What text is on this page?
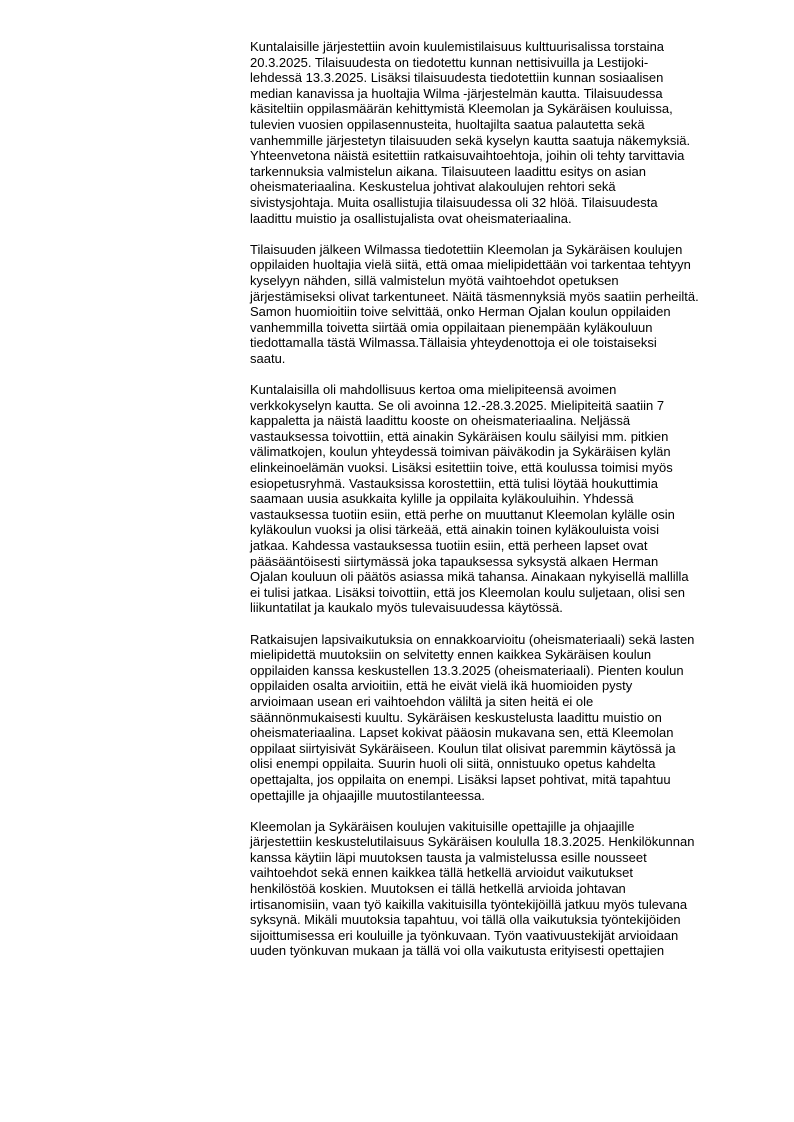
Kuntalaisille järjestettiin avoin kuulemistilaisuus kulttuurisalissa torstaina
20.3.2025. Tilaisuudesta on tiedotettu kunnan nettisivuilla ja Lestijoki-
lehdessä 13.3.2025. Lisäksi tilaisuudesta tiedotettiin kunnan sosiaalisen
median kanavissa ja huoltajia Wilma -järjestelmän kautta. Tilaisuudessa
käsiteltiin oppilasmäärän kehittymistä Kleemolan ja Sykäräisen kouluissa,
tulevien vuosien oppilasennusteita, huoltajilta saatua palautetta sekä
vanhemmille järjestetyn tilaisuuden sekä kyselyn kautta saatuja näkemyksiä.
Yhteenvetona näistä esitettiin ratkaisuvaihtoehtoja, joihin oli tehty tarvittavia
tarkennuksia valmistelun aikana. Tilaisuuteen laadittu esitys on asian
oheismateriaalina. Keskustelua johtivat alakoulujen rehtori sekä
sivistysjohtaja. Muita osallistujia tilaisuudessa oli 32 hlöä. Tilaisuudesta
laadittu muistio ja osallistujalista ovat oheismateriaalina.
Tilaisuuden jälkeen Wilmassa tiedotettiin Kleemolan ja Sykäräisen koulujen
oppilaiden huoltajia vielä siitä, että omaa mielipidettään voi tarkentaa tehtyyn
kyselyyn nähden, sillä valmistelun myötä vaihtoehdot opetuksen
järjestämiseksi olivat tarkentuneet. Näitä täsmennyksiä myös saatiin perheiltä.
Samon huomioitiin toive selvittää, onko Herman Ojalan koulun oppilaiden
vanhemmilla toivetta siirtää omia oppilaitaan pienempään kyläkouluun
tiedottamalla tästä Wilmassa.Tällaisia yhteydenottoja ei ole toistaiseksi
saatu.
Kuntalaisilla oli mahdollisuus kertoa oma mielipiteensä avoimen
verkkokyselyn kautta. Se oli avoinna 12.-28.3.2025. Mielipiteitä saatiin 7
kappaletta ja näistä laadittu kooste on oheismateriaalina. Neljässä
vastauksessa toivottiin, että ainakin Sykäräisen koulu säilyisi mm. pitkien
välimatkojen, koulun yhteydessä toimivan päiväkodin ja Sykäräisen kylän
elinkeinoelämän vuoksi. Lisäksi esitettiin toive, että koulussa toimisi myös
esiopetusryhmä. Vastauksissa korostettiin, että tulisi löytää houkuttimia
saamaan uusia asukkaita kylille ja oppilaita kyläkouluihin. Yhdessä
vastauksessa tuotiin esiin, että perhe on muuttanut Kleemolan kylälle osin
kyläkoulun vuoksi ja olisi tärkeää, että ainakin toinen kyläkouluista voisi
jatkaa. Kahdessa vastauksessa tuotiin esiin, että perheen lapset ovat
pääsääntöisesti siirtymässä joka tapauksessa syksystä alkaen Herman
Ojalan kouluun oli päätös asiassa mikä tahansa. Ainakaan nykyisellä mallilla
ei tulisi jatkaa. Lisäksi toivottiin, että jos Kleemolan koulu suljetaan, olisi sen
liikuntatilat ja kaukalo myös tulevaisuudessa käytössä.
Ratkaisujen lapsivaikutuksia on ennakkoarvioitu (oheismateriaali) sekä lasten
mielipidettä muutoksiin on selvitetty ennen kaikkea Sykäräisen koulun
oppilaiden kanssa keskustellen 13.3.2025 (oheismateriaali). Pienten koulun
oppilaiden osalta arvioitiin, että he eivät vielä ikä huomioiden pysty
arvioimaan usean eri vaihtoehdon väliltä ja siten heitä ei ole
säännönmukaisesti kuultu. Sykäräisen keskustelusta laadittu muistio on
oheismateriaalina. Lapset kokivat pääosin mukavana sen, että Kleemolan
oppilaat siirtyisivät Sykäräiseen. Koulun tilat olisivat paremmin käytössä ja
olisi enempi oppilaita. Suurin huoli oli siitä, onnistuuko opetus kahdelta
opettajalta, jos oppilaita on enempi. Lisäksi lapset pohtivat, mitä tapahtuu
opettajille ja ohjaajille muutostilanteessa.
Kleemolan ja Sykäräisen koulujen vakituisille opettajille ja ohjaajille
järjestettiin keskustelutilaisuus Sykäräisen koululla 18.3.2025. Henkilökunnan
kanssa käytiin läpi muutoksen tausta ja valmistelussa esille nousseet
vaihtoehdot sekä ennen kaikkea tällä hetkellä arvioidut vaikutukset
henkilöstöä koskien. Muutoksen ei tällä hetkellä arvioida johtavan
irtisanomisiin, vaan työ kaikilla vakituisilla työntekijöillä jatkuu myös tulevana
syksynä. Mikäli muutoksia tapahtuu, voi tällä olla vaikutuksia työntekijöiden
sijoittumisessa eri kouluille ja työnkuvaan. Työn vaativuustekijät arvioidaan
uuden työnkuvan mukaan ja tällä voi olla vaikutusta erityisesti opettajien
